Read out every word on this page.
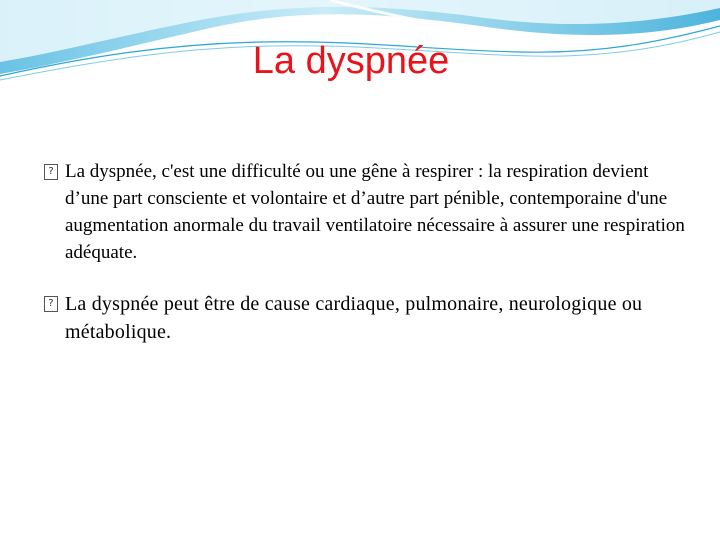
La dyspnée

? La dyspnée, c'est une difficulté ou une gêne à respirer : la respiration devient d’une part consciente et volontaire et d’autre part pénible, contemporaine d'une augmentation anormale du travail ventilatoire nécessaire à assurer une respiration adéquate.

? La dyspnée peut être de cause cardiaque, pulmonaire, neurologique ou métabolique.
